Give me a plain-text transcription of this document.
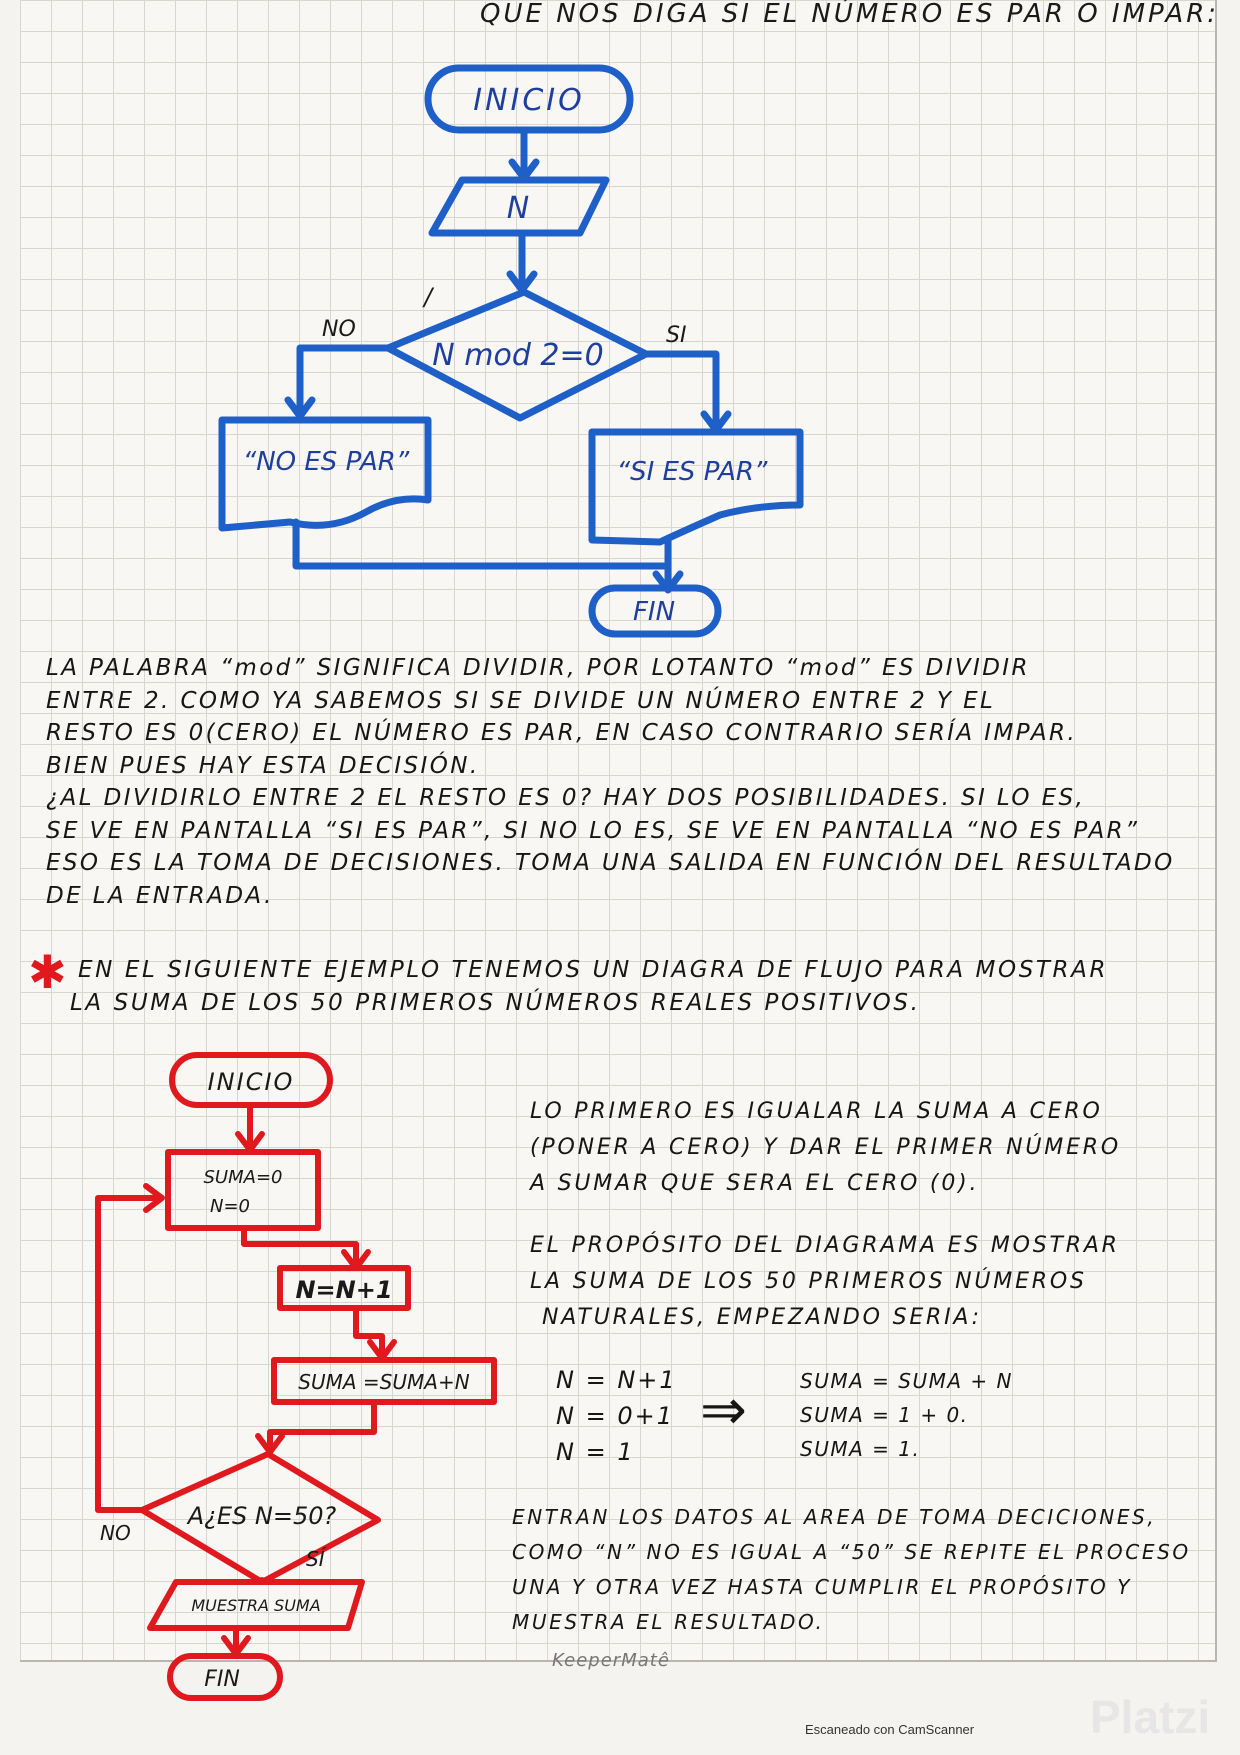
QUE NOS DIGA SI EL NÚMERO ES PAR O IMPAR:
INICIO
N
N mod 2=0
/
NO	SI
“NO ES PAR”	“SI ES PAR”
FIN
LA PALABRA “mod” SIGNIFICA DIVIDIR, POR LOTANTO “mod” ES DIVIDIR
ENTRE 2. COMO YA SABEMOS SI SE DIVIDE UN NÚMERO ENTRE 2 Y EL
RESTO ES 0(CERO) EL NÚMERO ES PAR, EN CASO CONTRARIO SERÍA IMPAR.
BIEN PUES HAY ESTA DECISIÓN.
¿AL DIVIDIRLO ENTRE 2 EL RESTO ES 0? HAY DOS POSIBILIDADES. SI LO ES,
SE VE EN PANTALLA “SI ES PAR”, SI NO LO ES, SE VE EN PANTALLA “NO ES PAR”
ESO ES LA TOMA DE DECISIONES. TOMA UNA SALIDA EN FUNCIÓN DEL RESULTADO
DE LA ENTRADA.
✱ EN EL SIGUIENTE EJEMPLO TENEMOS UN DIAGRA DE FLUJO PARA MOSTRAR
LA SUMA DE LOS 50 PRIMEROS NÚMEROS REALES POSITIVOS.
INICIO
SUMA=0
N=0
N=N+1
SUMA =SUMA+N
A¿ES N=50?
NO
SÍ
MUESTRA SUMA
FIN
LO PRIMERO ES IGUALAR LA SUMA A CERO
(PONER A CERO) Y DAR EL PRIMER NÚMERO
A SUMAR QUE SERA EL CERO (0).
EL PROPÓSITO DEL DIAGRAMA ES MOSTRAR
LA SUMA DE LOS 50 PRIMEROS NÚMEROS
NATURALES, EMPEZANDO SERIA:
N = N+1
N = 0+1
N = 1
⇒	SUMA = SUMA + N
SUMA = 1 + 0.
SUMA = 1.
ENTRAN LOS DATOS AL AREA DE TOMA DECICIONES,
COMO “N” NO ES IGUAL A “50” SE REPITE EL PROCESO
UNA Y OTRA VEZ HASTA CUMPLIR EL PROPÓSITO Y
MUESTRA EL RESULTADO.
KeeperMatê
Escaneado con CamScanner	Platzi
